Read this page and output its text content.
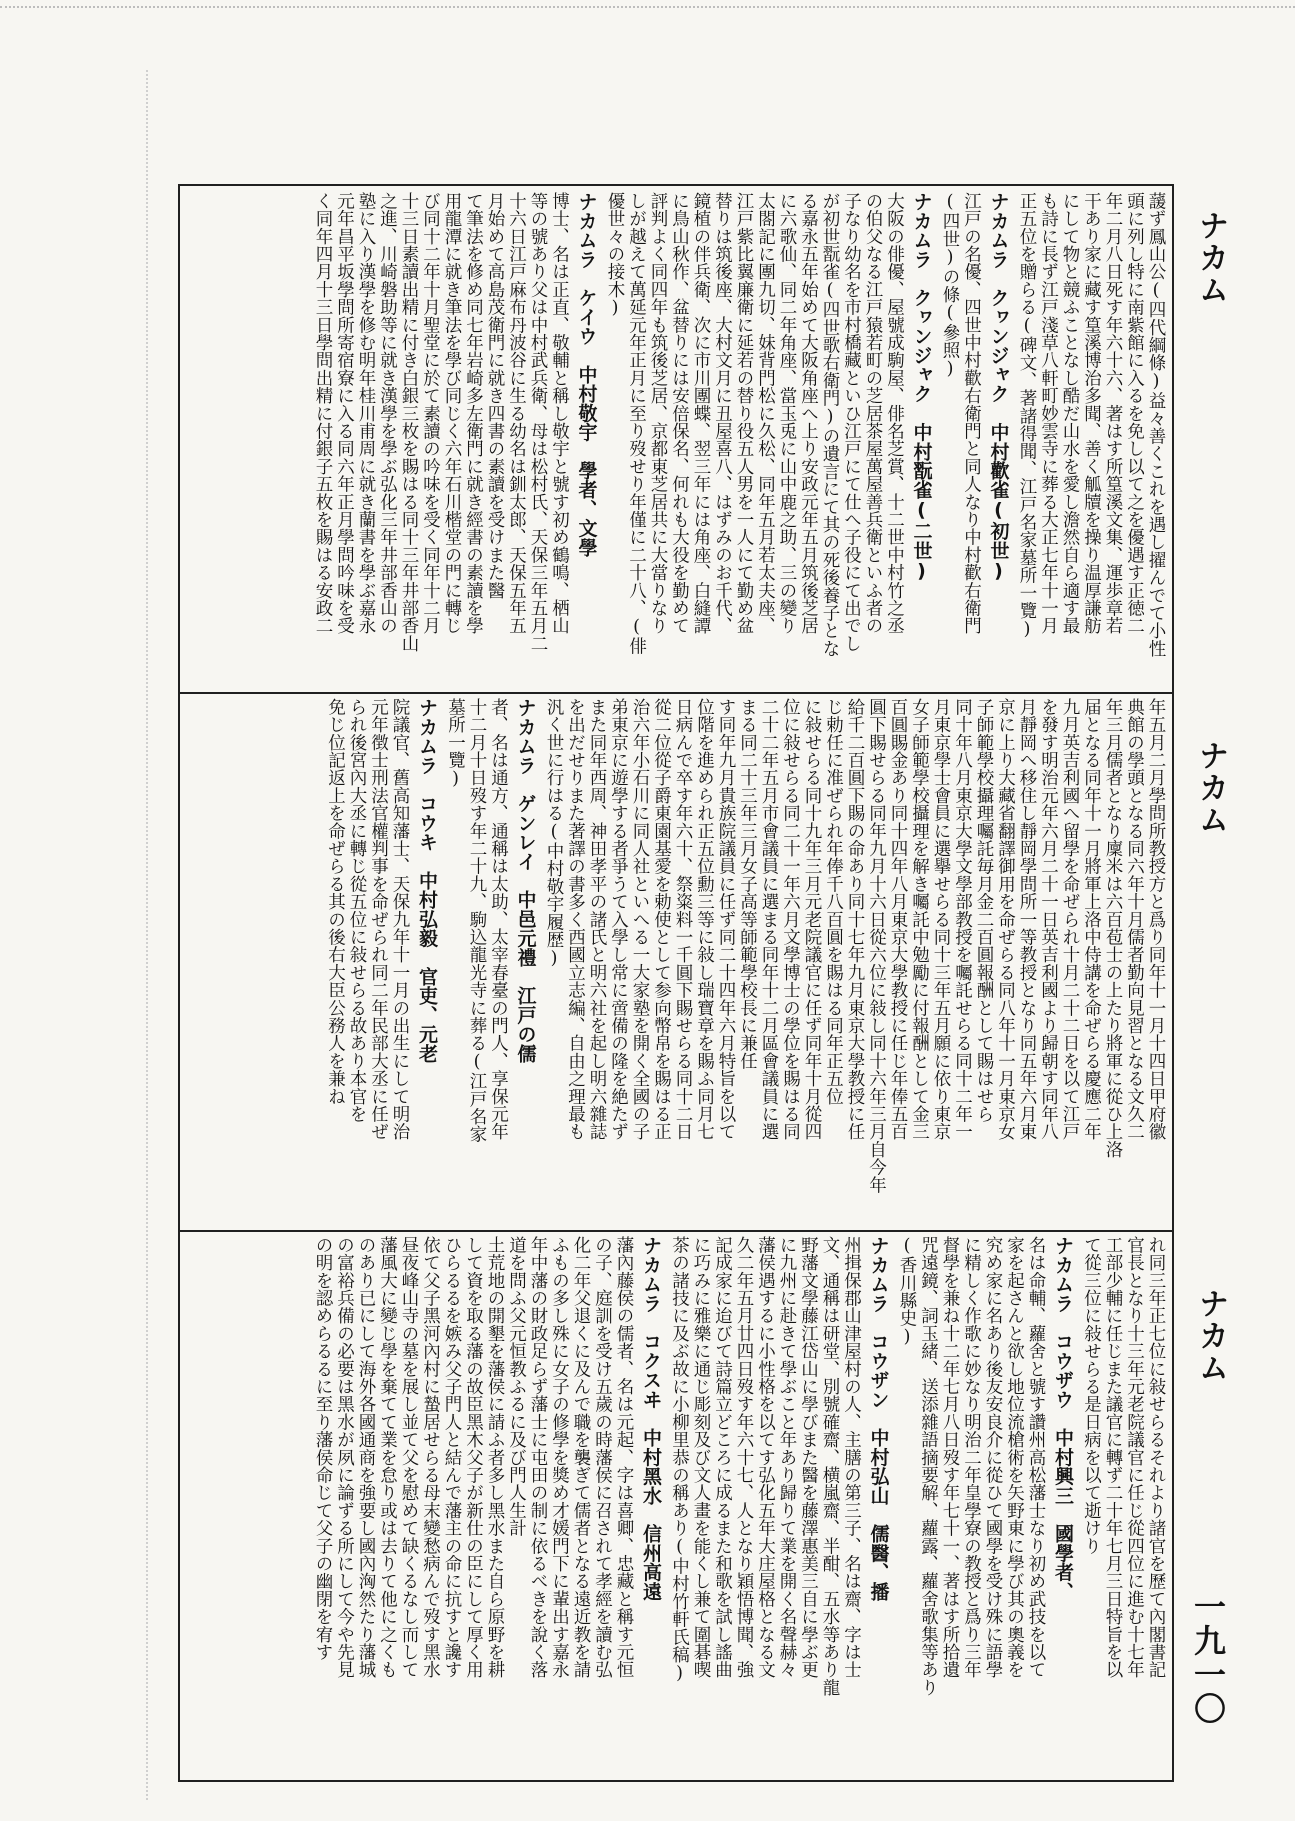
蘐ず鳳山公(四代綱條)益々善くこれを遇し擢んでて小性
頭に列し特に南紫館に入るを免し以て之を優遇す正徳二
年二月八日死す年六十六、著はす所篁溪文集、運歩章若
干あり家に藏す篁溪博治多聞、善く觚牘を操り温厚謙舫
にして物と競ふことなし酷だ山水を愛し澹然自ら適す最
も詩に長ず江戸淺草八軒町妙雲寺に葬る大正七年十一月
正五位を贈らる(碑文、著諸得聞、江戸名家墓所一覽)
ナカムラ　クヮンジャク　中村歡雀(初世)
江戸の名優、四世中村歡右衛門と同人なり中村歡右衛門
(四世)の條(參照)
ナカムラ　クヮンジャク　中村翫雀(二世)
大阪の俳優、屋號成駒屋、俳名芝賞、十二世中村竹之丞
の伯父なる江戸猿若町の芝居茶屋萬屋善兵衛といふ者の
子なり幼名を市村橋藏といひ江戸にて仕へ子役にて出でし
が初世翫雀(四世歌右衛門)の遺言にて其の死後養子とな
る嘉永五年始めて大阪角座へ上り安政元年五月筑後芝居
に六歌仙、同二年角座、當玉兎に山中鹿之助、三の變り
太閤記に團九切、妹背門松に久松、同年五月若太夫座、
江戸紫比翼廉衛に延若の替り役五人男を一人にて勤め盆
替りは筑後座、大村文月に丑屋喜八、はずみのお千代、
鏡植の伴兵衛、次に市川團蝶、翌三年には角座、白縫譚
に鳥山秋作、盆替りには安倍保名、何れも大役を勤めて
評判よく同四年も筑後芝居、京都東芝居共に大當りなり
しが越えて萬延元年正月に至り歿せり年僅に二十八、(俳
優世々の接木)
ナカムラ　ケイウ　中村敬宇　學者、文學
博士、名は正直、敬輔と稱し敬宇と號す初め鶴鳴、栖山
等の號あり父は中村武兵衛、母は松村氏、天保三年五月二
十六日江戸麻布丹波谷に生る幼名は釧太郎、天保五年五
月始めて高島茂衛門に就き四書の素讀を受けまた醫
て筆法を修め同七年岩崎多左衛門に就き經書の素讀を學
用龍潭に就き筆法を學び同じく六年石川楷堂の門に轉じ
び同十二年十月聖堂に於て素讀の吟味を受く同年十二月
十三日素讀出精に付き白銀三枚を賜はる同十三年井部香山
之進、川崎磐助等に就き漢學を學ぶ弘化三年井部香山の
塾に入り漢學を修む明年桂川甫周に就き蘭書を學ぶ嘉永
元年昌平坂學問所寄宿寮に入る同六年正月學問吟味を受
く同年四月十三日學問出精に付銀子五枚を賜はる安政二
年五月二月學問所教授方と爲り同年十一月十四日甲府徽
典館の學頭となる同六年十月儒者勤向見習となる文久二
年三月儒者となり廩米は六百苞士の上たり將軍に從ひ上洛
届となる同年十一月將軍上洛中侍講を命ぜらる慶應二年
九月英吉利國へ留學を命ぜられ十月二十二日を以て江戸
を發す明治元年六月二十一日英吉利國より歸朝す同年八
月靜岡へ移住し靜岡學問所一等教授となり同五年六月東
京に上り大藏省翻譯御用を命ぜらる同八年十一月東京女
子師範學校攝理囑託毎月金二百圓報酬として賜はせら
同十年八月東京大學文學部教授を囑託せらる同十二年一
月東京學士會員に選擧せらる同十三年五月願に依り東京
女子師範學校攝理を解き囑託中勉勵に付報酬として金三
百圓賜金あり同十四年八月東京大學教授に任じ年俸五百
圓下賜せらる同年九月十六日從六位に敍し同十六年三月自今年
給千二百圓下賜の命あり同十七年九月東京大學教授に任
じ勅任に准ぜられ年俸千八百圓を賜はる同年正五位
に敍せらる同十九年三月元老院議官に任ず同年十月從四
位に敍せらる同二十一年六月文學博士の學位を賜はる同
二十二年五月市會議員に選まる同年十二月區會議員に選
まる同二十三年三月女子高等師範學校長に兼任
す同年九月貴族院議員に任ず同二十四年六月特旨を以て
位階を進められ正五位勳三等に敍し瑞寶章を賜ふ同月七
日病んで卒す年六十、祭粢料一千圓下賜せらる同十二日
從二位從子爵東園基愛を勅使として参向幣帛を賜はる正
治六年小石川に同人社といへる一大家塾を開く全國の子
弟東京に遊學する者爭うて入學し常に啻備の隆を絶たず
また同年西周、神田孝平の諸氏と明六社を起し明六雜誌
を出だせりまた著譯の書多く西國立志編、自由之理最も
汎く世に行はる(中村敬宇履歴)
ナカムラ　ゲンレイ　中邑元禮　江戸の儒
者、名は通方、通稱は太助、太宰春臺の門人、享保元年
十二月十日歿す年二十九、駒込龍光寺に葬る(江戸名家
墓所一覽)
ナカムラ　コウキ　中村弘毅　官吏、元老
院議官、舊高知藩士、天保九年十一月の出生にして明治
元年徴士刑法官權判事を命ぜられ同二年民部大丞に任ぜ
られ後宮內大丞に轉じ從五位に敍せらる故あり本官を
免じ位記返上を命ぜらる其の後右大臣公務人を兼ね
れ同三年正七位に敍せらるそれより諸官を歷て內閣書記
官長となり十三年元老院議官に任じ從四位に進む十七年
工部少輔に任じまた議官に轉ず二十年七月三日特旨を以
て從三位に敍せらる是日病を以て逝けり
ナカムラ　コウザウ　中村興三　國學者、
名は命輔、蘿舍と號す讚州高松藩士なり初め武技を以て
家を起さんと欲し地位流槍術を矢野東に學び其の奧義を
究め家に名あり後友安良介に從ひて國學を受け殊に語學
に精しく作歌に妙なり明治二年皇學寮の教授と爲り三年
督學を兼ね十二年七月八日歿す年七十一、著はす所拾遺
咒遠鏡、詞玉緒、送添雜語摘要解、蘿露、蘿舍歌集等あり
(香川縣史)
ナカムラ　コウザン　中村弘山　儒醫、播
州揖保郡山津屋村の人、主膳の第三子、名は齋、字は士
文、通稱は研堂、別號確齋、横嵐齋、半酣、五水等あり龍
野藩文學藤江岱山に學びまた醫を藤澤惠美三自に學ぶ更
に九州に赴きて學ぶこと年あり歸りて業を開く名聲赫々
藩侯遇するに小性格を以てす弘化五年大庄屋格となる文
久二年五月廿四日歿す年六十七、人となり穎悟博聞、強
記成家に迨びて詩篇立どころに成るまた和歌を試し謠曲
に巧みに雅樂に通じ彫刻及び文人畫を能くし兼て圍碁喫
茶の諸技に及ぶ故に小柳里恭の稱あり(中村竹軒氏稿)
ナカムラ　コクスヰ　中村黑水　信州高遠
藩內藤侯の儒者、名は元起、字は喜卿、忠藏と稱す元恒
の子、庭訓を受け五歲の時藩侯に召されて孝經を讀む弘
化二年父退くに及んで職を襲ぎて儒者となる遠近教を請
ふもの多し殊に女子の修學を獎め才媛門下に輩出す嘉永
年中藩の財政足らず藩士に屯田の制に依るべきを說く落
道を問ふ父元恒教ふるに及び門人生計
土荒地の開墾を藩侯に請ふ者多し黑水また自ら原野を耕
して資を取る藩の故臣黑木父子が新仕の臣にして厚く用
ひらるるを嫉み父子門人と結んで藩主の命に抗すと讒す
依て父子黑河內村に蟄居せらる母末變愁病んで歿す黑水
昼夜峰山寺の墓を展し並て父を慰めて缺くるなし而して
藩風大に變じ學を棄てて業を怠り或は去りて他に之くも
のあり已にして海外各國通商を強要し國內洶然たり藩城
の富裕兵備の必要は黑水が夙に論ずる所にして今や先見
の明を認めらるるに至り藩侯命じて父子の幽閉を宥す
ナカム
ナカム
ナカム
一九一〇
